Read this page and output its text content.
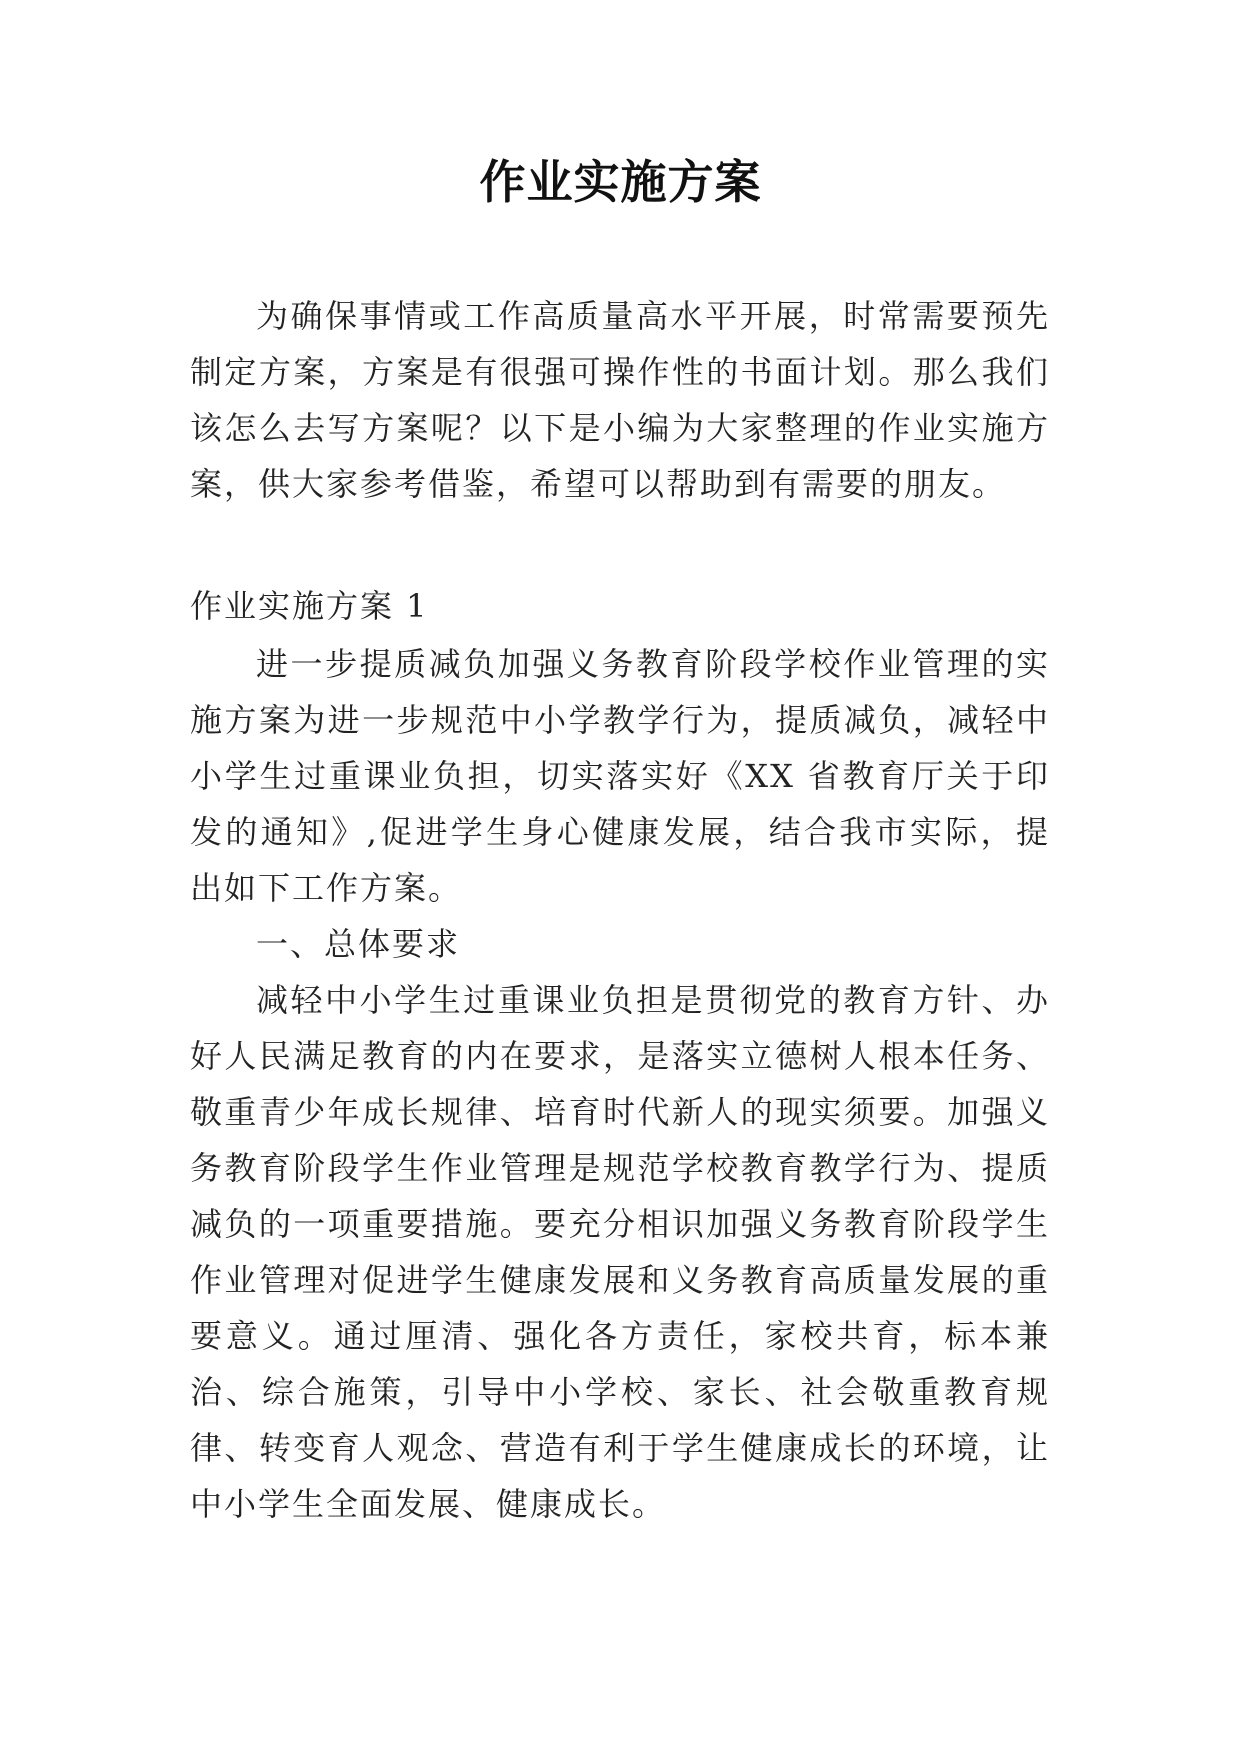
作业实施方案

为确保事情或工作高质量高水平开展，时常需要预先制定方案，方案是有很强可操作性的书面计划。那么我们该怎么去写方案呢？以下是小编为大家整理的作业实施方案，供大家参考借鉴，希望可以帮助到有需要的朋友。

作业实施方案 1

进一步提质减负加强义务教育阶段学校作业管理的实施方案为进一步规范中小学教学行为，提质减负，减轻中小学生过重课业负担，切实落实好《XX 省教育厅关于印发的通知》,促进学生身心健康发展，结合我市实际，提出如下工作方案。

一、总体要求

减轻中小学生过重课业负担是贯彻党的教育方针、办好人民满足教育的内在要求，是落实立德树人根本任务、敬重青少年成长规律、培育时代新人的现实须要。加强义务教育阶段学生作业管理是规范学校教育教学行为、提质减负的一项重要措施。要充分相识加强义务教育阶段学生作业管理对促进学生健康发展和义务教育高质量发展的重要意义。通过厘清、强化各方责任，家校共育，标本兼治、综合施策，引导中小学校、家长、社会敬重教育规律、转变育人观念、营造有利于学生健康成长的环境，让中小学生全面发展、健康成长。
